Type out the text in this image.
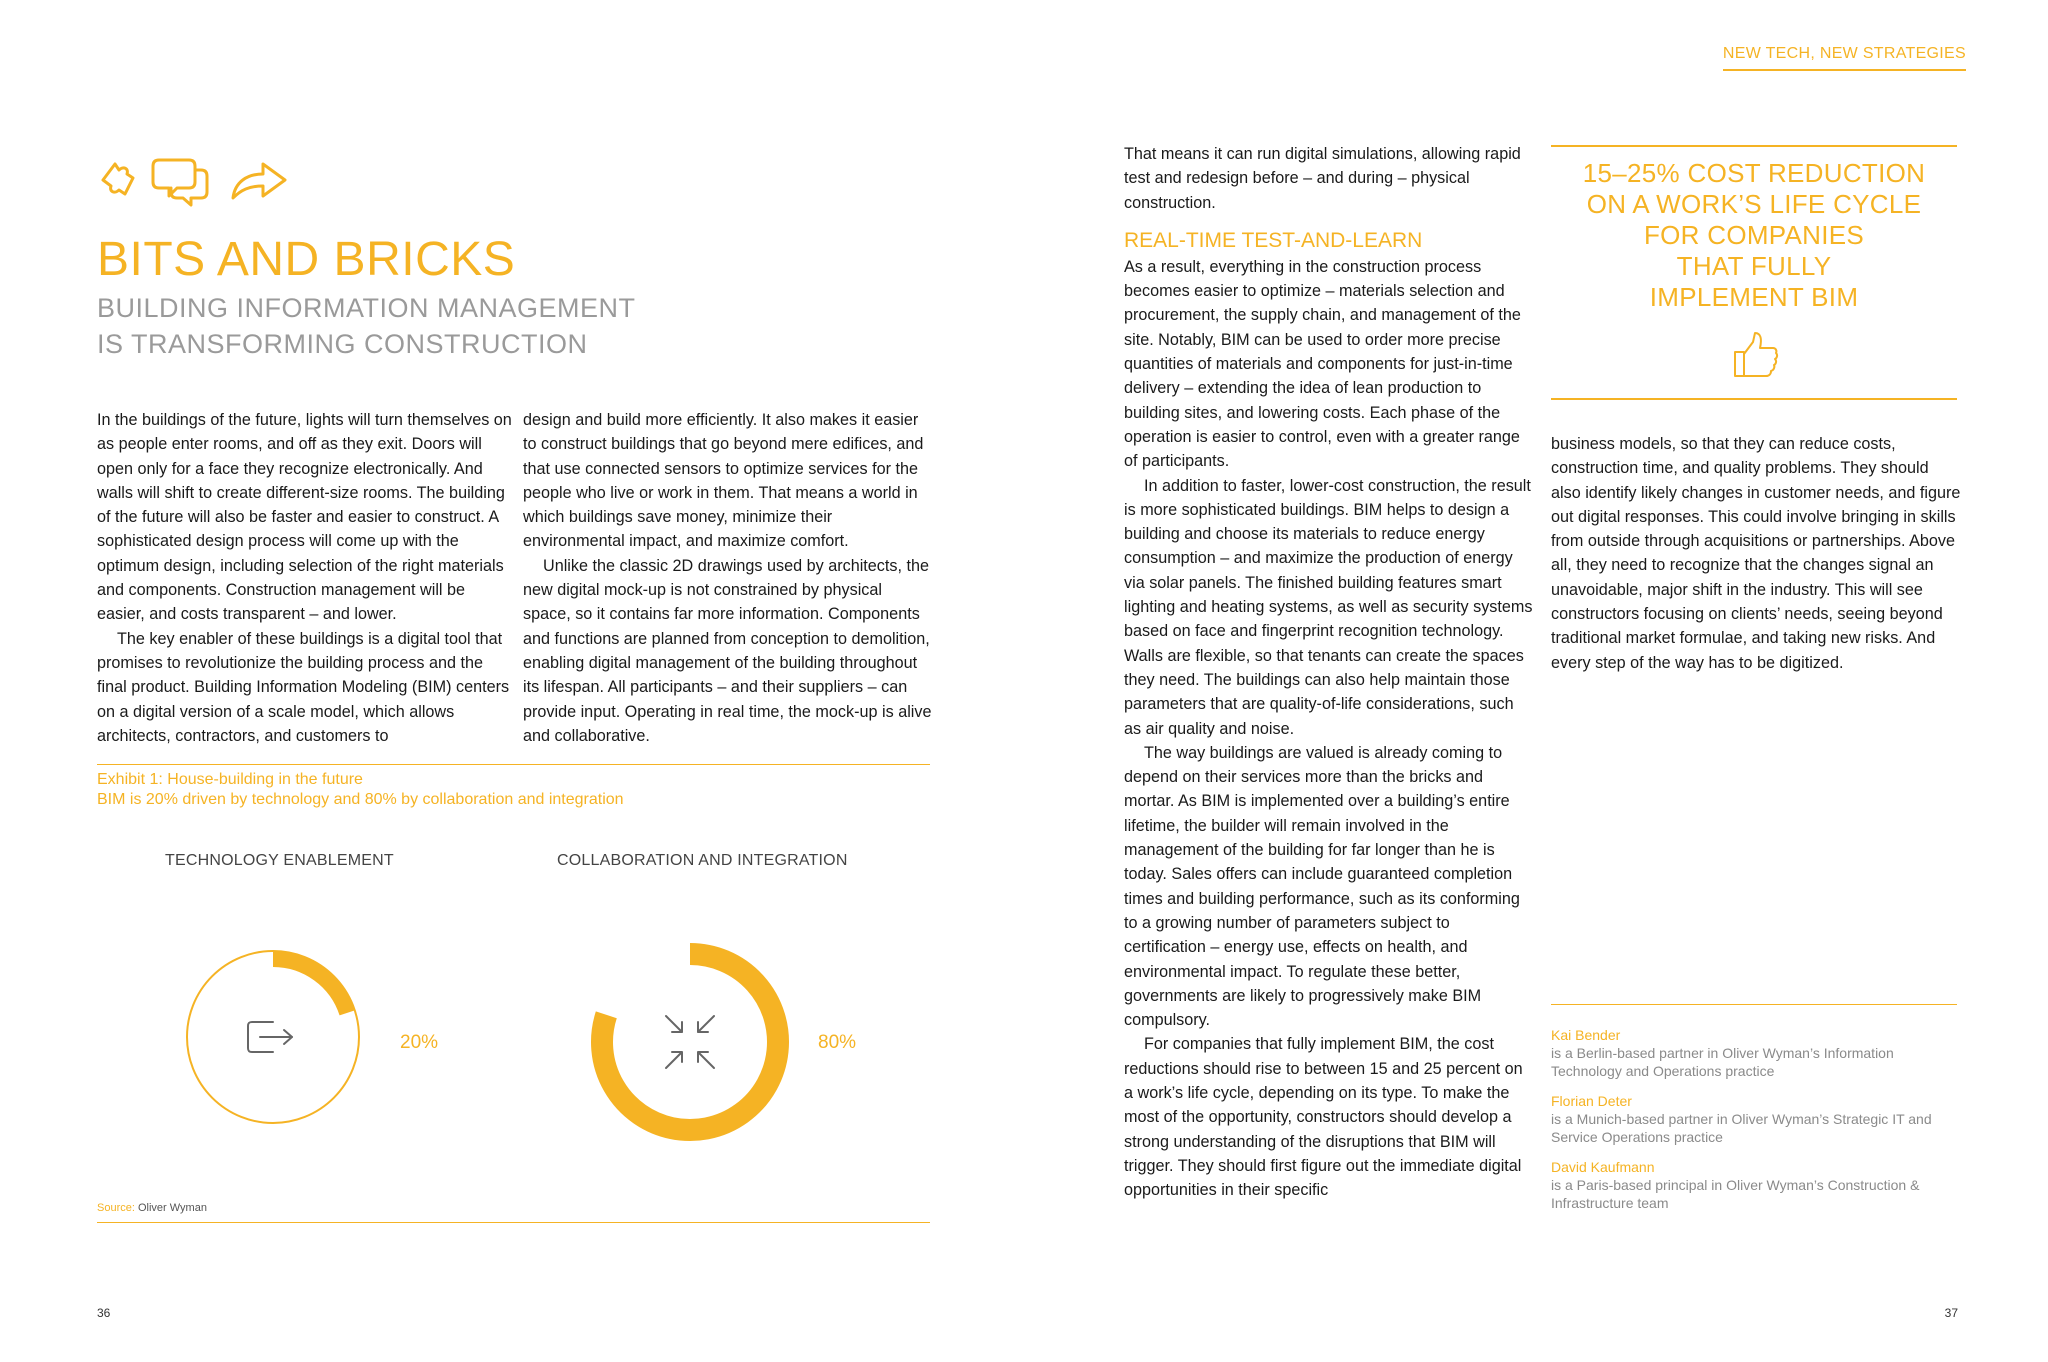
NEW TECH, NEW STRATEGIES
BITS AND BRICKS
BUILDING INFORMATION MANAGEMENT
IS TRANSFORMING CONSTRUCTION

In the buildings of the future, lights will turn themselves on as people enter rooms, and off as they exit. Doors will open only for a face they recognize electronically. And walls will shift to create different-size rooms. The building of the future will also be faster and easier to construct. A sophisticated design process will come up with the optimum design, including selection of the right materials and components. Construction management will be easier, and costs transparent – and lower.

The key enabler of these buildings is a digital tool that promises to revolutionize the building process and the final product. Building Information Modeling (BIM) centers on a digital version of a scale model, which allows architects, contractors, and customers to

design and build more efficiently. It also makes it easier to construct buildings that go beyond mere edifices, and that use connected sensors to optimize services for the people who live or work in them. That means a world in which buildings save money, minimize their environmental impact, and maximize comfort.

Unlike the classic 2D drawings used by architects, the new digital mock-up is not constrained by physical space, so it contains far more information. Components and functions are planned from conception to demolition, enabling digital management of the building throughout its lifespan. All participants – and their suppliers – can provide input. Operating in real time, the mock-up is alive and collaborative.

Exhibit 1: House-building in the future
BIM is 20% driven by technology and 80% by collaboration and integration
TECHNOLOGY ENABLEMENT	COLLABORATION AND INTEGRATION
20%	80%
Source: Oliver Wyman

That means it can run digital simulations, allowing rapid test and redesign before – and during – physical construction.

REAL-TIME TEST-AND-LEARN

As a result, everything in the construction process becomes easier to optimize – materials selection and procurement, the supply chain, and management of the site. Notably, BIM can be used to order more precise quantities of materials and components for just-in-time delivery – extending the idea of lean production to building sites, and lowering costs. Each phase of the operation is easier to control, even with a greater range of participants.

In addition to faster, lower-cost construction, the result is more sophisticated buildings. BIM helps to design a building and choose its materials to reduce energy consumption – and maximize the production of energy via solar panels. The finished building features smart lighting and heating systems, as well as security systems based on face and fingerprint recognition technology. Walls are flexible, so that tenants can create the spaces they need. The buildings can also help maintain those parameters that are quality-of-life considerations, such as air quality and noise.

The way buildings are valued is already coming to depend on their services more than the bricks and mortar. As BIM is implemented over a building’s entire lifetime, the builder will remain involved in the management of the building for far longer than he is today. Sales offers can include guaranteed completion times and building performance, such as its conforming to a growing number of parameters subject to certification – energy use, effects on health, and environmental impact. To regulate these better, governments are likely to progressively make BIM compulsory.

For companies that fully implement BIM, the cost reductions should rise to between 15 and 25 percent on a work’s life cycle, depending on its type. To make the most of the opportunity, constructors should develop a strong understanding of the disruptions that BIM will trigger. They should first figure out the immediate digital opportunities in their specific

15–25% COST REDUCTION
ON A WORK’S LIFE CYCLE
FOR COMPANIES
THAT FULLY
IMPLEMENT BIM

business models, so that they can reduce costs, construction time, and quality problems. They should also identify likely changes in customer needs, and figure out digital responses. This could involve bringing in skills from outside through acquisitions or partnerships. Above all, they need to recognize that the changes signal an unavoidable, major shift in the industry. This will see constructors focusing on clients’ needs, seeing beyond traditional market formulae, and taking new risks. And every step of the way has to be digitized.

Kai Bender
is a Berlin-based partner in Oliver Wyman’s Information Technology and Operations practice
Florian Deter
is a Munich-based partner in Oliver Wyman’s Strategic IT and Service Operations practice
David Kaufmann
is a Paris-based principal in Oliver Wyman’s Construction & Infrastructure team
36	37
